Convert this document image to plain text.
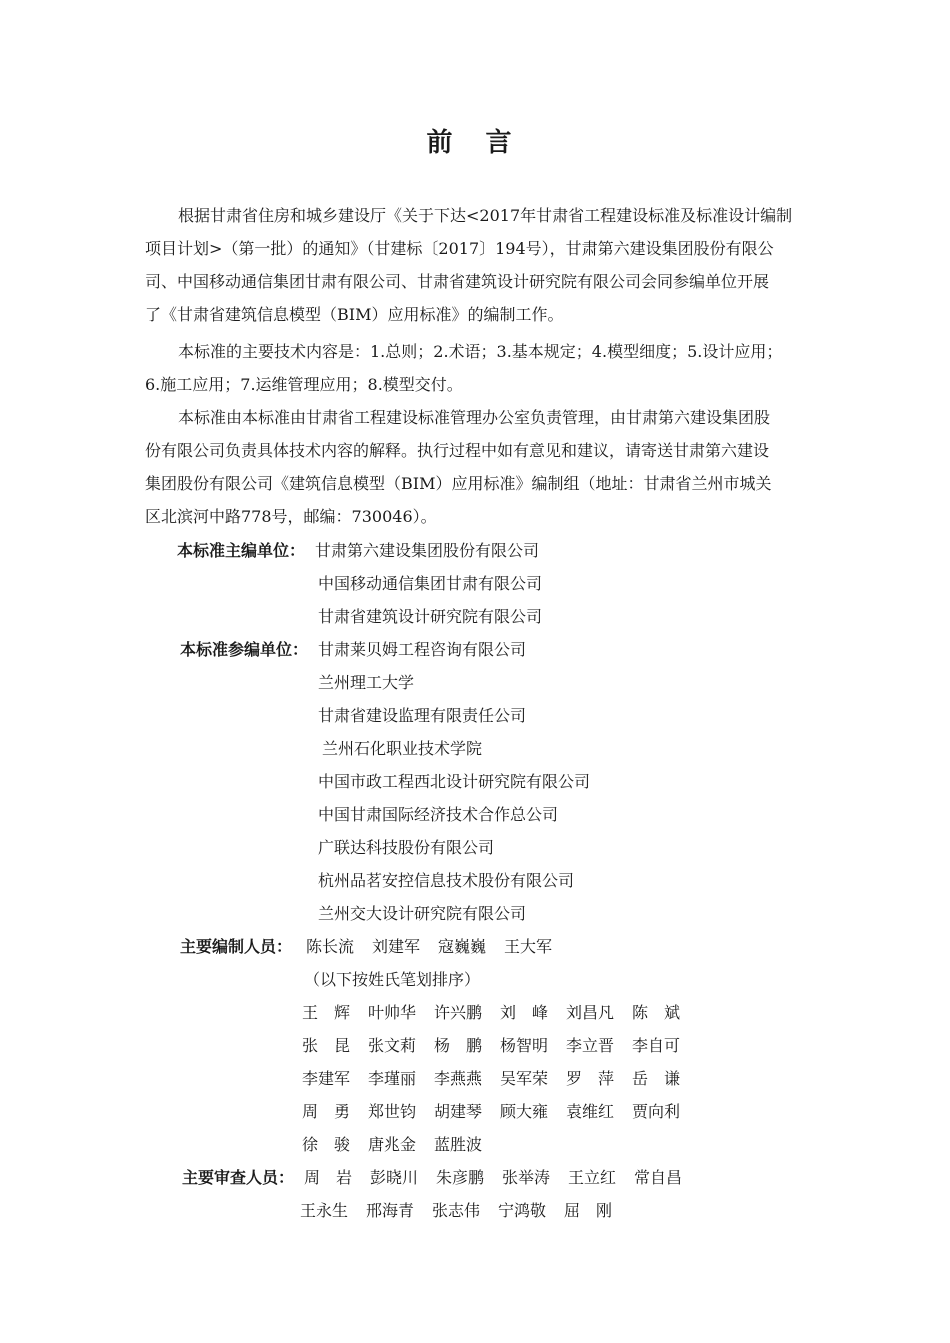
前 言
根据甘肃省住房和城乡建设厅《关于下达<2017年甘肃省工程建设标准及标准设计编制
项目计划>（第一批）的通知》（甘建标〔2017〕194号），甘肃第六建设集团股份有限公
司、中国移动通信集团甘肃有限公司、甘肃省建筑设计研究院有限公司会同参编单位开展
了《甘肃省建筑信息模型（BIM）应用标准》的编制工作。
本标准的主要技术内容是：1.总则；2.术语；3.基本规定；4.模型细度；5.设计应用；
6.施工应用；7.运维管理应用；8.模型交付。
本标准由本标准由甘肃省工程建设标准管理办公室负责管理，由甘肃第六建设集团股
份有限公司负责具体技术内容的解释。执行过程中如有意见和建议，请寄送甘肃第六建设
集团股份有限公司《建筑信息模型（BIM）应用标准》编制组（地址：甘肃省兰州市城关
区北滨河中路778号，邮编：730046）。
本标准主编单位： 甘肃第六建设集团股份有限公司
中国移动通信集团甘肃有限公司
甘肃省建筑设计研究院有限公司
本标准参编单位： 甘肃莱贝姆工程咨询有限公司
兰州理工大学
甘肃省建设监理有限责任公司
兰州石化职业技术学院
中国市政工程西北设计研究院有限公司
中国甘肃国际经济技术合作总公司
广联达科技股份有限公司
杭州品茗安控信息技术股份有限公司
兰州交大设计研究院有限公司
主要编制人员： 陈长流 刘建军 寇巍巍 王大军
（以下按姓氏笔划排序）
王　辉 叶帅华 许兴鹏 刘　峰 刘昌凡 陈　斌
张　昆 张文莉 杨　鹏 杨智明 李立晋 李自可
李建军 李瑾丽 李燕燕 吴军荣 罗　萍 岳　谦
周　勇 郑世钧 胡建琴 顾大雍 袁维红 贾向利
徐　骏 唐兆金 蓝胜波
主要审查人员： 周　岩 彭晓川 朱彦鹏 张举涛 王立红 常自昌
王永生 邢海青 张志伟 宁鸿敬 屈　刚
